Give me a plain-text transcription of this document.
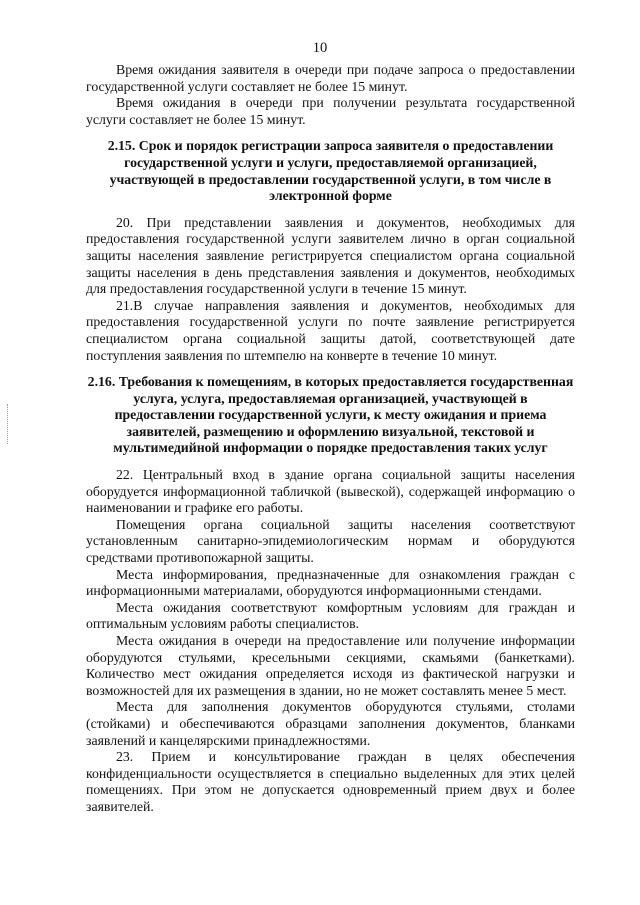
10

Время ожидания заявителя в очереди при подаче запроса о предоставлении государственной услуги составляет не более 15 минут.

Время ожидания в очереди при получении результата государственной услуги составляет не более 15 минут.

2.15. Срок и порядок регистрации запроса заявителя о предоставлении государственной услуги и услуги, предоставляемой организацией, участвующей в предоставлении государственной услуги, в том числе в электронной форме

20. При представлении заявления и документов, необходимых для предоставления государственной услуги заявителем лично в орган социальной защиты населения заявление регистрируется специалистом органа социальной защиты населения в день представления заявления и документов, необходимых для предоставления государственной услуги в течение 15 минут.

21.В случае направления заявления и документов, необходимых для предоставления государственной услуги по почте заявление регистрируется специалистом органа социальной защиты датой, соответствующей дате поступления заявления по штемпелю на конверте в течение 10 минут.

2.16. Требования к помещениям, в которых предоставляется государственная услуга, услуга, предоставляемая организацией, участвующей в предоставлении государственной услуги, к месту ожидания и приема заявителей, размещению и оформлению визуальной, текстовой и мультимедийной информации о порядке предоставления таких услуг

22. Центральный вход в здание органа социальной защиты населения оборудуется информационной табличкой (вывеской), содержащей информацию о наименовании и графике его работы.

Помещения органа социальной защиты населения соответствуют установленным санитарно-эпидемиологическим нормам и оборудуются средствами противопожарной защиты.

Места информирования, предназначенные для ознакомления граждан с информационными материалами, оборудуются информационными стендами.

Места ожидания соответствуют комфортным условиям для граждан и оптимальным условиям работы специалистов.

Места ожидания в очереди на предоставление или получение информации оборудуются стульями, кресельными секциями, скамьями (банкетками). Количество мест ожидания определяется исходя из фактической нагрузки и возможностей для их размещения в здании, но не может составлять менее 5 мест.

Места для заполнения документов оборудуются стульями, столами (стойками) и обеспечиваются образцами заполнения документов, бланками заявлений и канцелярскими принадлежностями.

23. Прием и консультирование граждан в целях обеспечения конфиденциальности осуществляется в специально выделенных для этих целей помещениях. При этом не допускается одновременный прием двух и более заявителей.
